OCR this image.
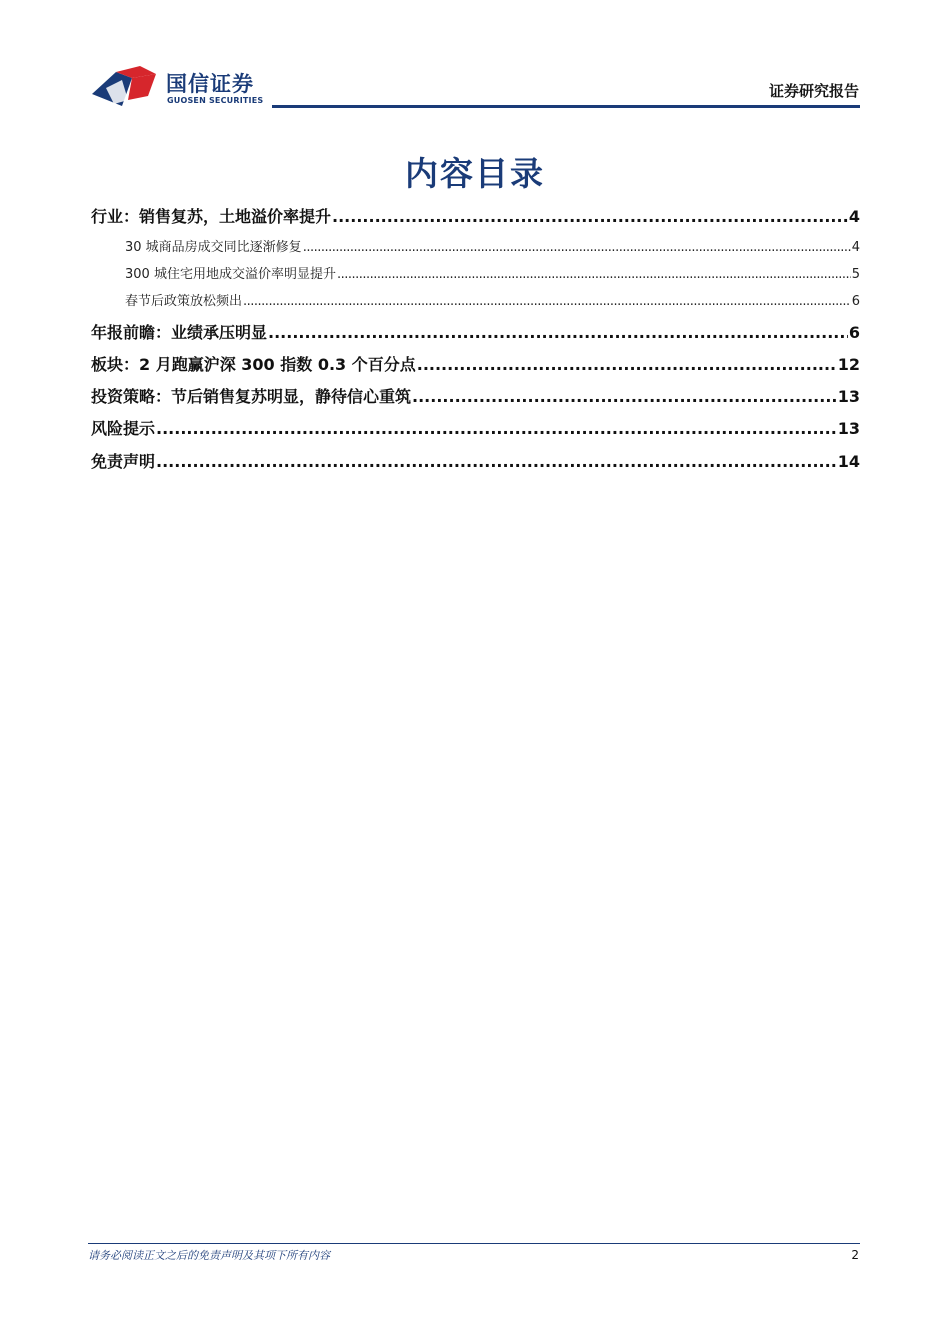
国信证券
GUOSEN SECURITIES
证券研究报告
内容目录
行业：销售复苏，土地溢价率提升 .....	4
30 城商品房成交同比逐渐修复 .....	4
300 城住宅用地成交溢价率明显提升 .....	5
春节后政策放松频出 .....	6
年报前瞻：业绩承压明显 .....	6
板块：2 月跑赢沪深 300 指数 0.3 个百分点 .....	12
投资策略：节后销售复苏明显，静待信心重筑 .....	13
风险提示 .....	13
免责声明 .....	14
请务必阅读正文之后的免责声明及其项下所有内容	2
